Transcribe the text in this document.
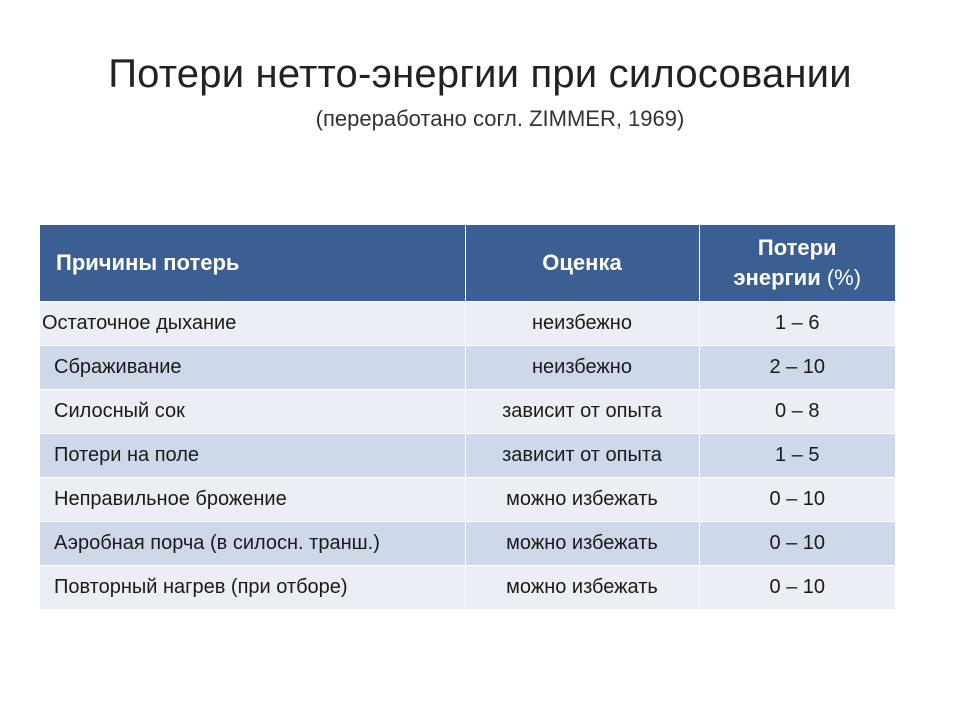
Потери нетто-энергии при силосовании
(переработано согл. ZIMMER, 1969)
Причины потерь	Оценка	Потери
энергии (%)
Остаточное дыхание	неизбежно	1 – 6
Сбраживание	неизбежно	2 – 10
Силосный сок	зависит от опыта	0 – 8
Потери на поле	зависит от опыта	1 – 5
Неправильное брожение	можно избежать	0 – 10
Аэробная порча (в силосн. транш.)	можно избежать	0 – 10
Повторный нагрев (при отборе)	можно избежать	0 – 10
